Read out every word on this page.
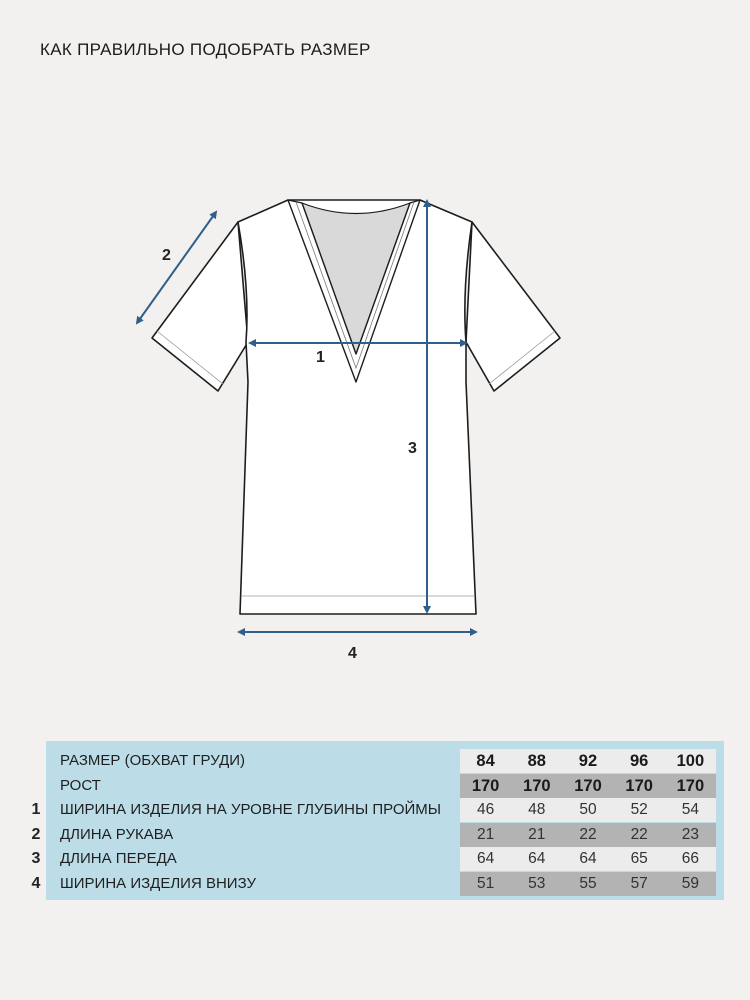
КАК ПРАВИЛЬНО ПОДОБРАТЬ РАЗМЕР
1
2
3
4
1
2
3
4
РАЗМЕР (ОБХВАТ ГРУДИ)	84	88	92	96	100
РОСТ	170	170	170	170	170
ШИРИНА ИЗДЕЛИЯ НА УРОВНЕ ГЛУБИНЫ ПРОЙМЫ	46	48	50	52	54
ДЛИНА РУКАВА	21	21	22	22	23
ДЛИНА ПЕРЕДА	64	64	64	65	66
ШИРИНА ИЗДЕЛИЯ ВНИЗУ	51	53	55	57	59
